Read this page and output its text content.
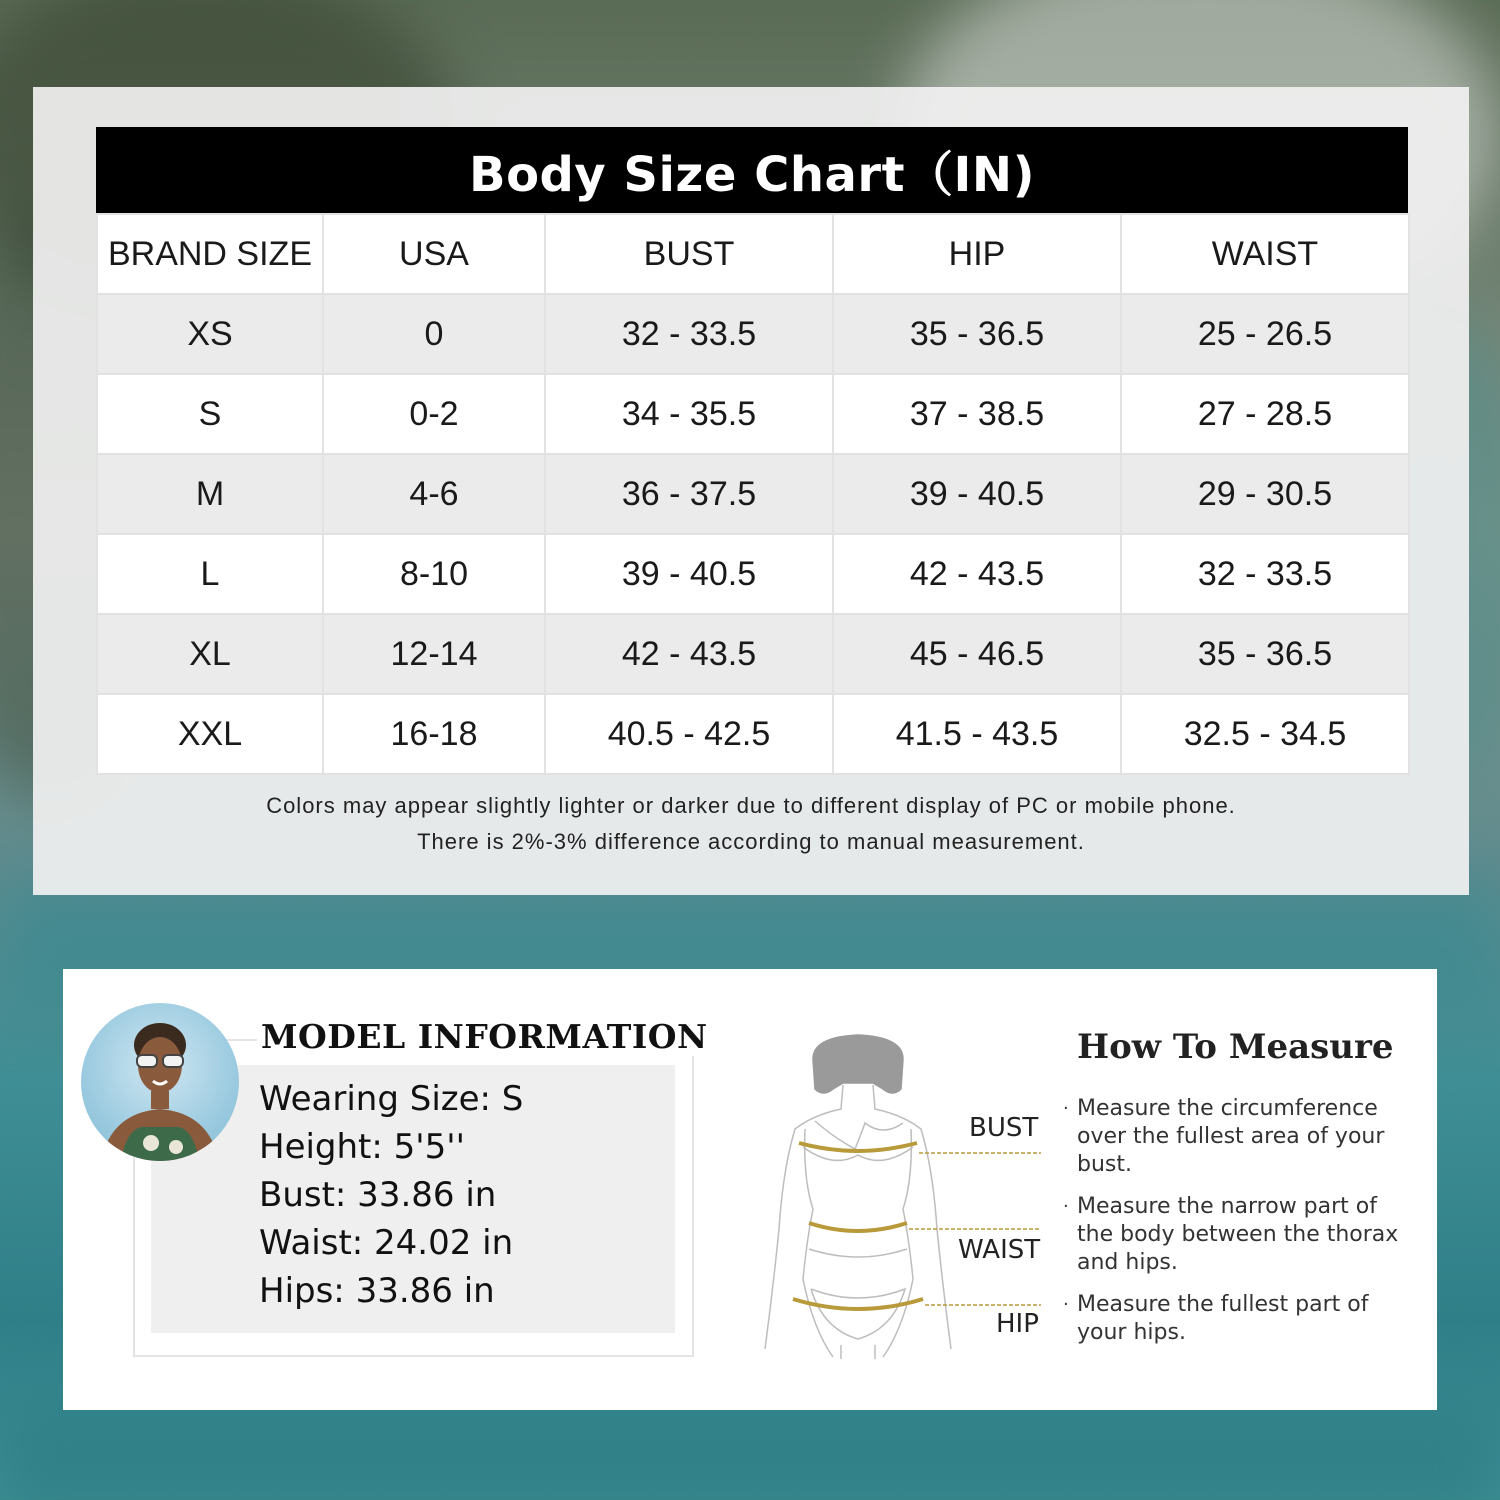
Body Size Chart（IN)
BRAND SIZE	USA	BUST	HIP	WAIST
XS	0	32 - 33.5	35 - 36.5	25 - 26.5
S	0-2	34 - 35.5	37 - 38.5	27 - 28.5
M	4-6	36 - 37.5	39 - 40.5	29 - 30.5
L	8-10	39 - 40.5	42 - 43.5	32 - 33.5
XL	12-14	42 - 43.5	45 - 46.5	35 - 36.5
XXL	16-18	40.5 - 42.5	41.5 - 43.5	32.5 - 34.5
Colors may appear slightly lighter or darker due to different display of PC or mobile phone.
There is 2%-3% difference according to manual measurement.
MODEL INFORMATION
Wearing Size: S
Height: 5'5''
Bust: 33.86 in
Waist: 24.02 in
Hips: 33.86 in
BUST
WAIST
HIP
How To Measure
· Measure the circumference over the fullest area of your bust.
· Measure the narrow part of the body between the thorax and hips.
· Measure the fullest part of your hips.
